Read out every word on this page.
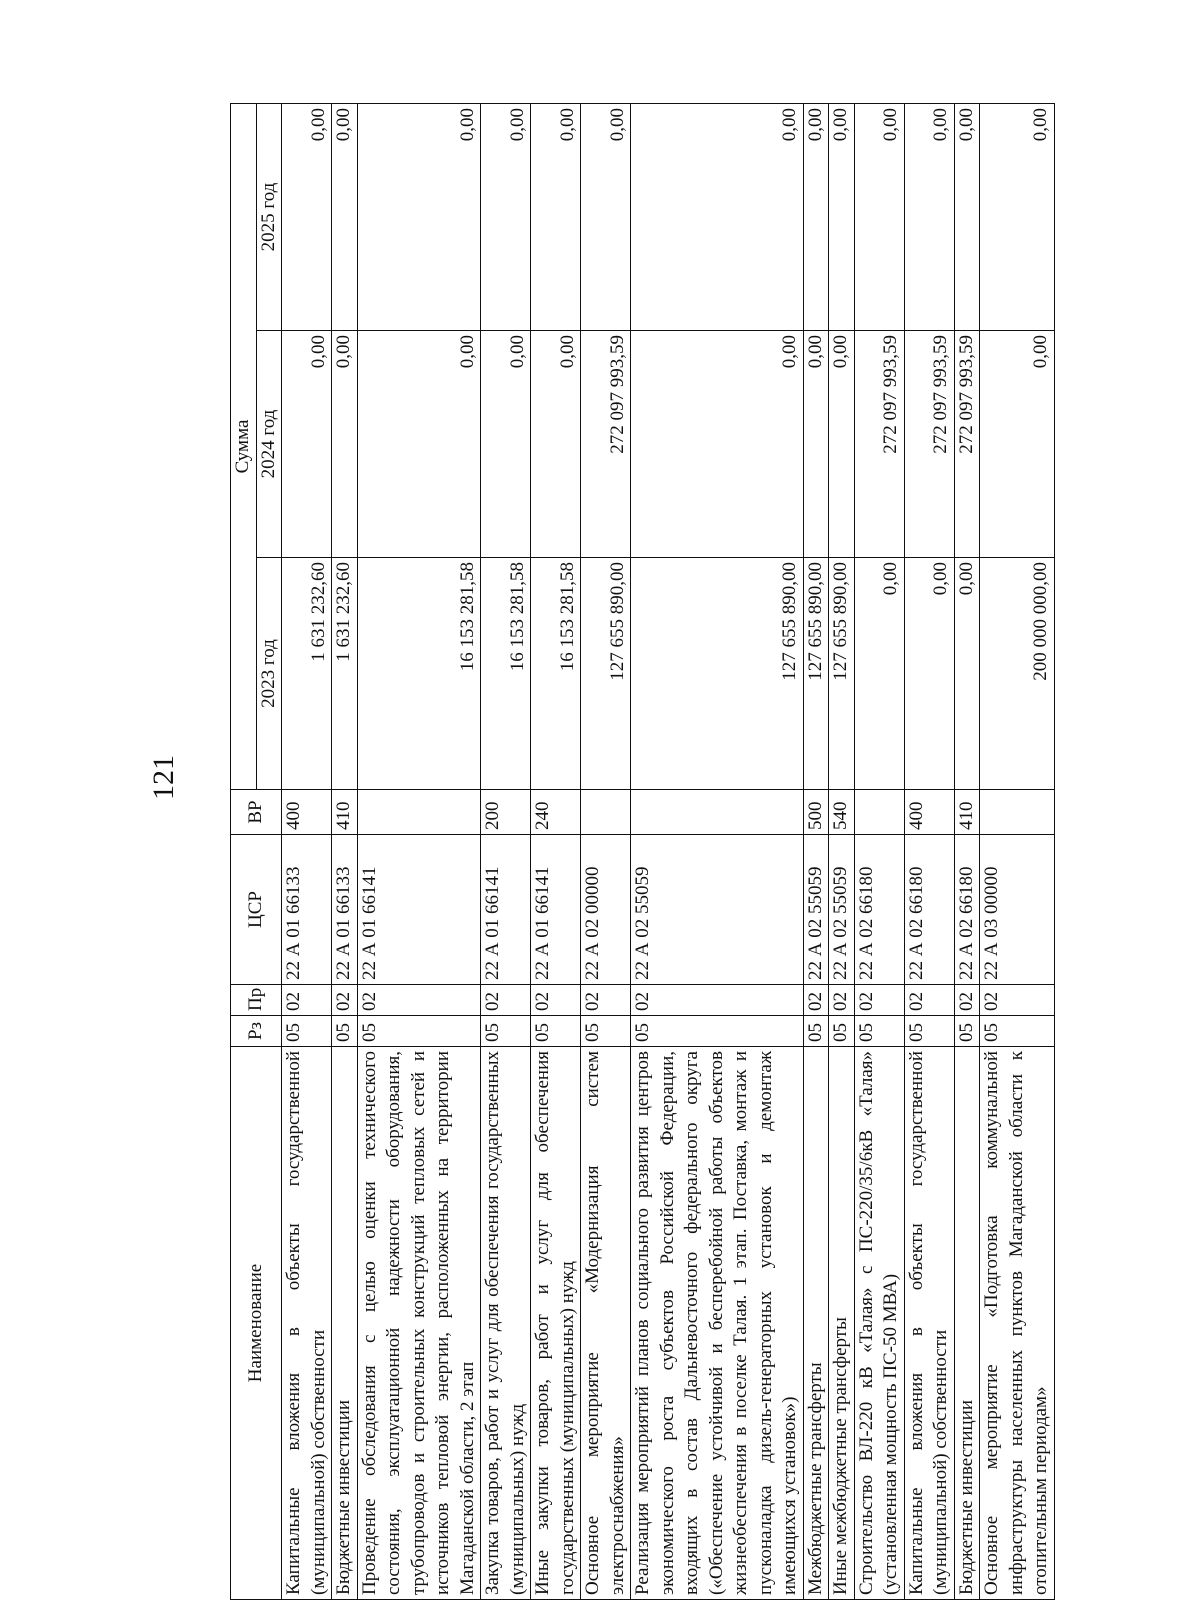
121
Наименование	Рз	Пр	ЦСР	ВР	Сумма		
					2023 год	2024 год	2025 год
Капитальные вложения в объекты государственной (муниципальной) собственности	05	02	22 А 01 66133	400	1 631 232,60	0,00	0,00
Бюджетные инвестиции	05	02	22 А 01 66133	410	1 631 232,60	0,00	0,00
Проведение обследования с целью оценки технического состояния, эксплуатационной надежности оборудования, трубопроводов и строительных конструкций тепловых сетей и источников тепловой энергии, расположенных на территории Магаданской области, 2 этап	05	02	22 А 01 66141		16 153 281,58	0,00	0,00
Закупка товаров, работ и услуг для обеспечения государственных (муниципальных) нужд	05	02	22 А 01 66141	200	16 153 281,58	0,00	0,00
Иные закупки товаров, работ и услуг для обеспечения государственных (муниципальных) нужд	05	02	22 А 01 66141	240	16 153 281,58	0,00	0,00
Основное мероприятие «Модернизация систем электроснабжения»	05	02	22 А 02 00000		127 655 890,00	272 097 993,59	0,00
Реализация мероприятий планов социального развития центров экономического роста субъектов Российской Федерации, входящих в состав Дальневосточного федерального округа («Обеспечение устойчивой и бесперебойной работы объектов жизнеобеспечения в поселке Талая. 1 этап. Поставка, монтаж и пусконаладка дизель-генераторных установок и демонтаж имеющихся установок»)	05	02	22 А 02 55059		127 655 890,00	0,00	0,00
Межбюджетные трансферты	05	02	22 А 02 55059	500	127 655 890,00	0,00	0,00
Иные межбюджетные трансферты	05	02	22 А 02 55059	540	127 655 890,00	0,00	0,00
Строительство ВЛ-220 кВ «Талая» с ПС-220/35/6кВ «Талая» (установленная мощность ПС-50 МВА)	05	02	22 А 02 66180		0,00	272 097 993,59	0,00
Капитальные вложения в объекты государственной (муниципальной) собственности	05	02	22 А 02 66180	400	0,00	272 097 993,59	0,00
Бюджетные инвестиции	05	02	22 А 02 66180	410	0,00	272 097 993,59	0,00
Основное мероприятие «Подготовка коммунальной инфраструктуры населенных пунктов Магаданской области к отопительным периодам»	05	02	22 А 03 00000		200 000 000,00	0,00	0,00
